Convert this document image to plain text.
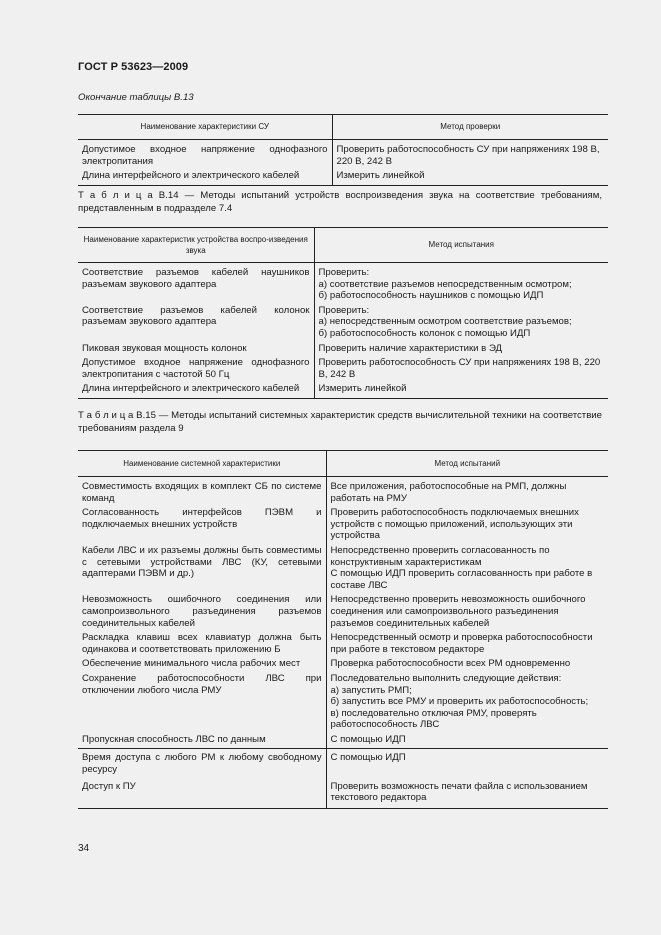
ГОСТ Р 53623—2009
Окончание таблицы В.13
Наименование характеристики СУ	Метод проверки
Допустимое входное напряжение однофазного электропитания	Проверить работоспособность СУ при напряжениях 198 В, 220 В, 242 В
Длина интерфейсного и электрического кабелей	Измерить линейкой
Т а б л и ц а В.14 — Методы испытаний устройств воспроизведения звука на соответствие требованиям, представленным в подразделе 7.4
Наименование характеристик устройства воспро-изведения звука	Метод испытания
Соответствие разъемов кабелей наушников разъемам звукового адаптера	Проверить:
а) соответствие разъемов непосредственным осмотром;
б) работоспособность наушников с помощью ИДП
Соответствие разъемов кабелей колонок разъемам звукового адаптера	Проверить:
а) непосредственным осмотром соответствие разъемов;
б) работоспособность колонок с помощью ИДП
Пиковая звуковая мощность колонок	Проверить наличие характеристики в ЭД
Допустимое входное напряжение однофазного электропитания с частотой 50 Гц	Проверить работоспособность СУ при напряжениях 198 В, 220 В, 242 В
Длина интерфейсного и электрического кабелей	Измерить линейкой
Т а б л и ц а В.15 — Методы испытаний системных характеристик средств вычислительной техники на соответствие требованиям раздела 9
Наименование системной характеристики	Метод испытаний
Совместимость входящих в комплект СБ по системе команд	Все приложения, работоспособные на РМП, должны работать на РМУ
Согласованность интерфейсов ПЭВМ и подключаемых внешних устройств	Проверить работоспособность подключаемых внешних устройств с помощью приложений, использующих эти устройства
Кабели ЛВС и их разъемы должны быть совместимы с сетевыми устройствами ЛВС (КУ, сетевыми адаптерами ПЭВМ и др.)	Непосредственно проверить согласованность по конструктивным характеристикам
С помощью ИДП проверить согласованность при работе в составе ЛВС
Невозможность ошибочного соединения или самопроизвольного разъединения разъемов соединительных кабелей	Непосредственно проверить невозможность ошибочного соединения или самопроизвольного разъединения разъемов соединительных кабелей
Раскладка клавиш всех клавиатур должна быть одинакова и соответствовать приложению Б	Непосредственный осмотр и проверка работоспособности при работе в текстовом редакторе
Обеспечение минимального числа рабочих мест	Проверка работоспособности всех РМ одновременно
Сохранение работоспособности ЛВС при отключении любого числа РМУ	Последовательно выполнить следующие действия:
а) запустить РМП;
б) запустить все РМУ и проверить их работоспособность;
в) последовательно отключая РМУ, проверять работоспособность ЛВС
Пропускная способность ЛВС по данным	С помощью ИДП
Время доступа с любого РМ к любому свободному ресурсу	С помощью ИДП
Доступ к ПУ	Проверить возможность печати файла с использованием текстового редактора
34
